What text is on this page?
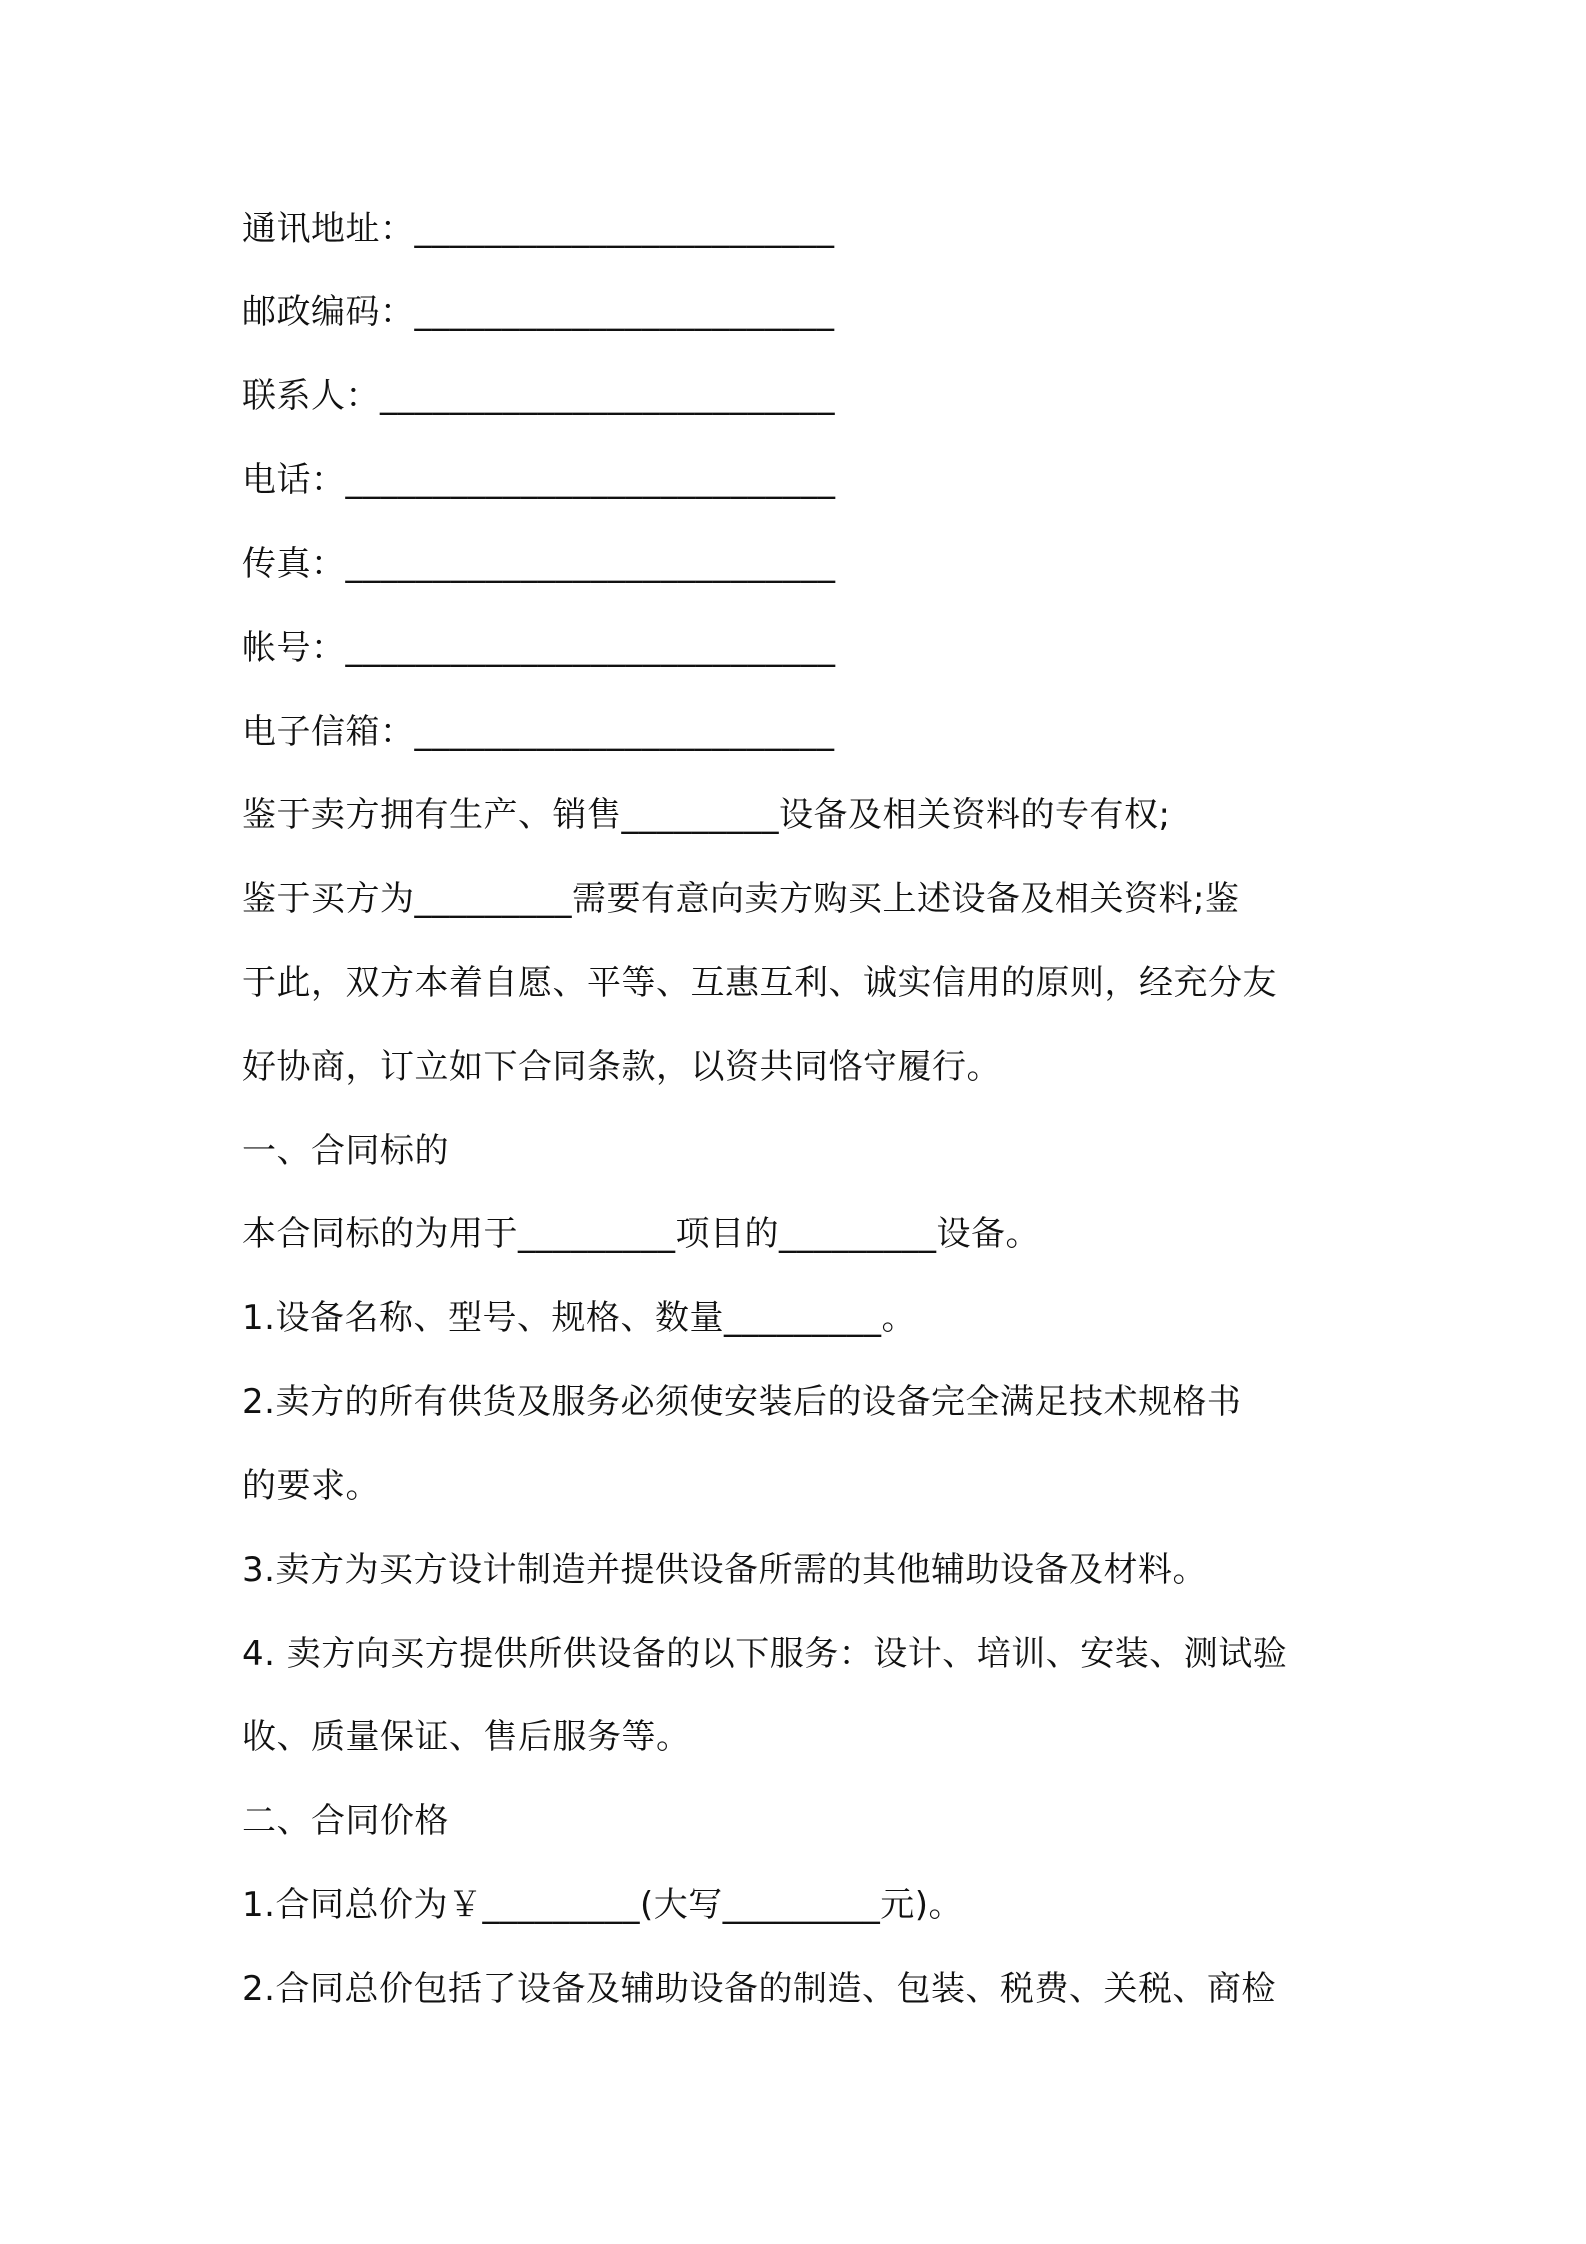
通讯地址：________________________
邮政编码：________________________
联系人：__________________________
电话：____________________________
传真：____________________________
帐号：____________________________
电子信箱：________________________
鉴于卖方拥有生产、销售_________设备及相关资料的专有权;
鉴于买方为_________需要有意向卖方购买上述设备及相关资料;鉴
于此，双方本着自愿、平等、互惠互利、诚实信用的原则，经充分友
好协商，订立如下合同条款，以资共同恪守履行。
一、合同标的
本合同标的为用于_________项目的_________设备。
1.设备名称、型号、规格、数量_________。
2.卖方的所有供货及服务必须使安装后的设备完全满足技术规格书
的要求。
3.卖方为买方设计制造并提供设备所需的其他辅助设备及材料。
4. 卖方向买方提供所供设备的以下服务：设计、培训、安装、测试验
收、质量保证、售后服务等。
二、合同价格
1.合同总价为￥_________(大写_________元)。
2.合同总价包括了设备及辅助设备的制造、包装、税费、关税、商检
